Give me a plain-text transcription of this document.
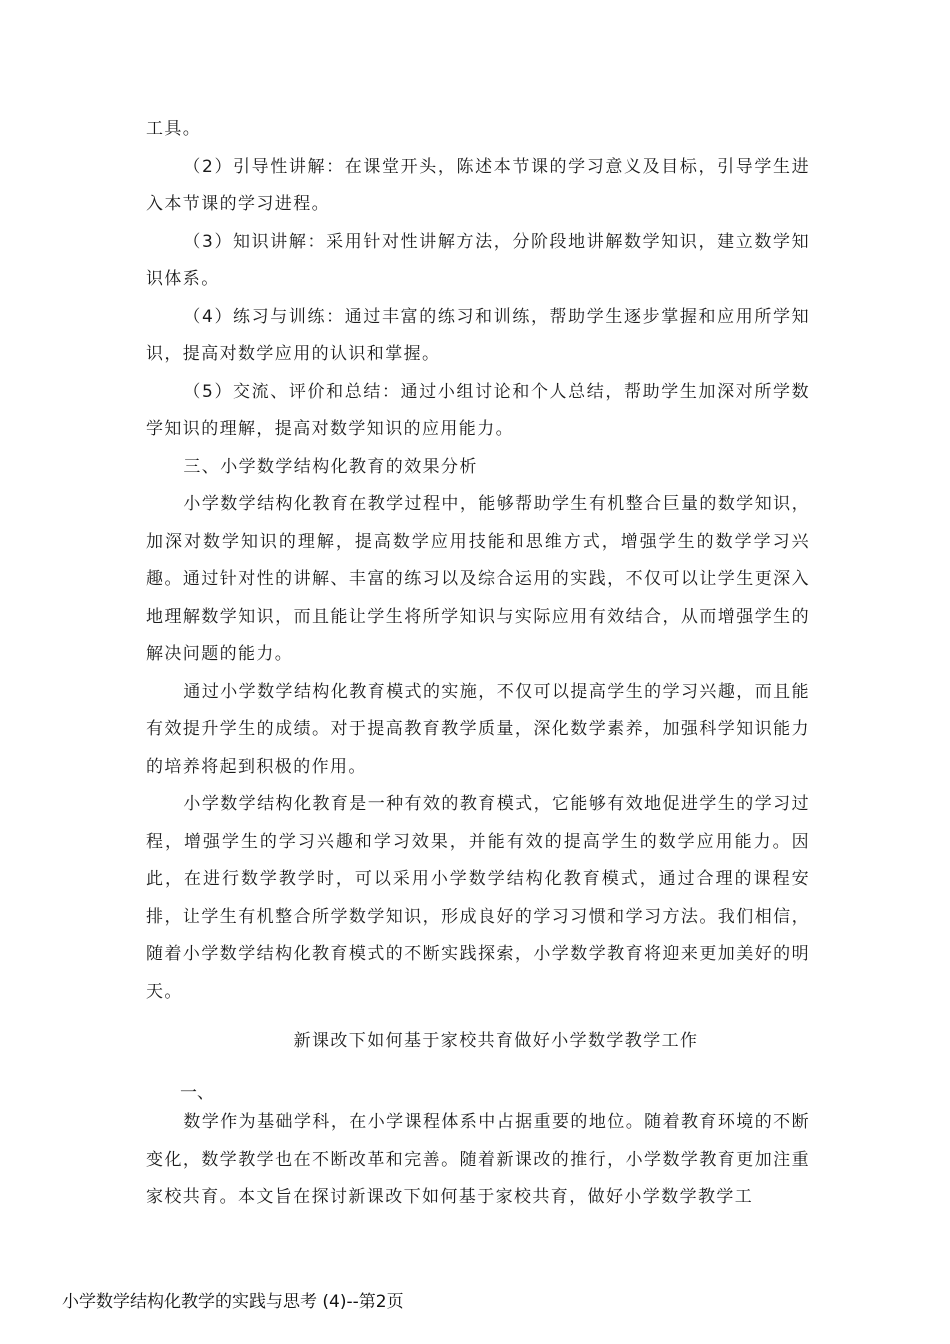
工具。

（2）引导性讲解：在课堂开头，陈述本节课的学习意义及目标，引导学生进入本节课的学习进程。

（3）知识讲解：采用针对性讲解方法，分阶段地讲解数学知识，建立数学知识体系。

（4）练习与训练：通过丰富的练习和训练，帮助学生逐步掌握和应用所学知识，提高对数学应用的认识和掌握。

（5）交流、评价和总结：通过小组讨论和个人总结，帮助学生加深对所学数学知识的理解，提高对数学知识的应用能力。

三、小学数学结构化教育的效果分析

小学数学结构化教育在教学过程中，能够帮助学生有机整合巨量的数学知识，加深对数学知识的理解，提高数学应用技能和思维方式，增强学生的数学学习兴趣。通过针对性的讲解、丰富的练习以及综合运用的实践，不仅可以让学生更深入地理解数学知识，而且能让学生将所学知识与实际应用有效结合，从而增强学生的解决问题的能力。

通过小学数学结构化教育模式的实施，不仅可以提高学生的学习兴趣，而且能有效提升学生的成绩。对于提高教育教学质量，深化数学素养，加强科学知识能力的培养将起到积极的作用。

小学数学结构化教育是一种有效的教育模式，它能够有效地促进学生的学习过程，增强学生的学习兴趣和学习效果，并能有效的提高学生的数学应用能力。因此，在进行数学教学时，可以采用小学数学结构化教育模式，通过合理的课程安排，让学生有机整合所学数学知识，形成良好的学习习惯和学习方法。我们相信，随着小学数学结构化教育模式的不断实践探索，小学数学教育将迎来更加美好的明天。

新课改下如何基于家校共育做好小学数学教学工作
一、

数学作为基础学科，在小学课程体系中占据重要的地位。随着教育环境的不断变化，数学教学也在不断改革和完善。随着新课改的推行，小学数学教育更加注重家校共育。本文旨在探讨新课改下如何基于家校共育，做好小学数学教学工

小学数学结构化教学的实践与思考 (4)--第2页
